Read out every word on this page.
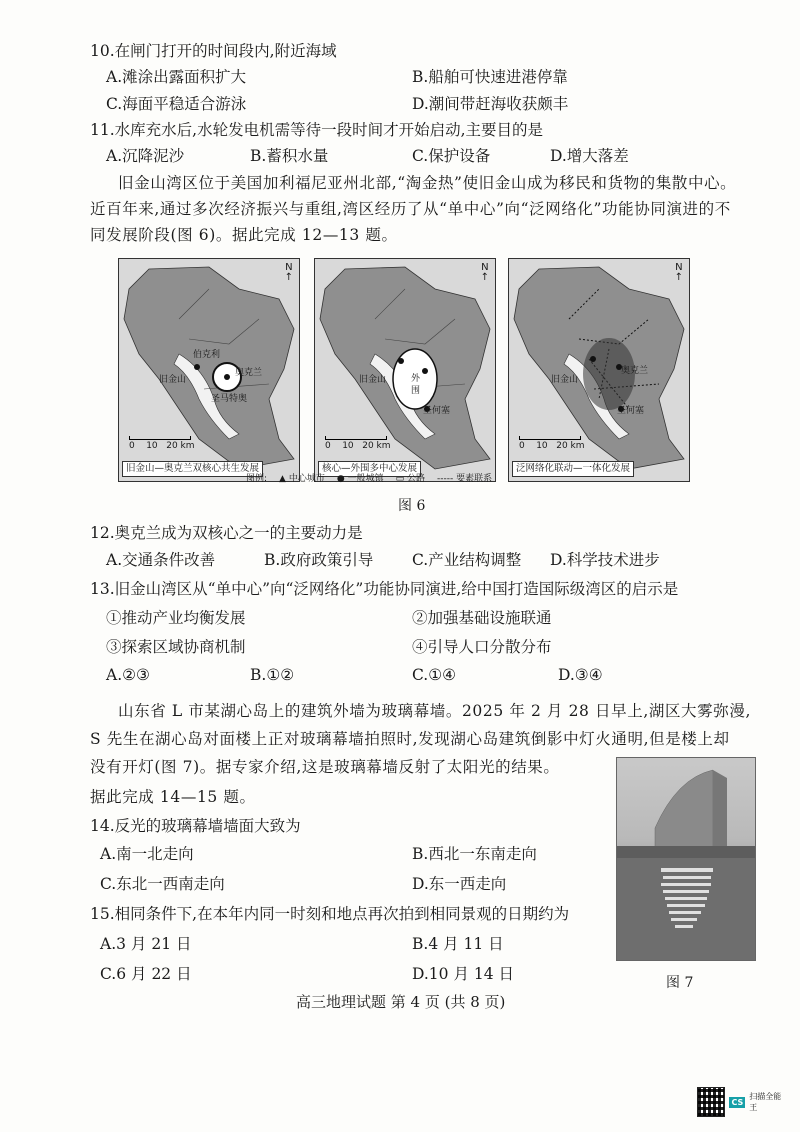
10.在闸门打开的时间段内,附近海域
A.滩涂出露面积扩大	B.船舶可快速进港停靠
C.海面平稳适合游泳	D.潮间带赶海收获颇丰
11.水库充水后,水轮发电机需等待一段时间才开始启动,主要目的是
A.沉降泥沙	B.蓄积水量	C.保护设备	D.增大落差
旧金山湾区位于美国加利福尼亚州北部,“淘金热”使旧金山成为移民和货物的集散中心。
近百年来,通过多次经济振兴与重组,湾区经历了从“单中心”向“泛网络化”功能协同演进的不
同发展阶段(图 6)。据此完成 12—13 题。
N
↑
伯克利
奥克兰
旧金山
圣马特奥
0 10 20 km
旧金山—奥克兰双核心共生发展
N
↑
旧金山	外
围
圣何塞
0 10 20 km
核心—外围多中心发展
N
↑
旧金山
奥克兰
圣何塞
0 10 20 km
泛网络化联动—一体化发展
图例: ▲ 中心城市 ● 一般城镇 ▭ 公路 ----- 要素联系
图 6
12.奥克兰成为双核心之一的主要动力是
A.交通条件改善	B.政府政策引导 C.产业结构调整 D.科学技术进步
13.旧金山湾区从“单中心”向“泛网络化”功能协同演进,给中国打造国际级湾区的启示是
①推动产业均衡发展	②加强基础设施联通
③探索区域协商机制	④引导人口分散分布
A.②③	B.①②	C.①④	D.③④
山东省 L 市某湖心岛上的建筑外墙为玻璃幕墙。2025 年 2 月 28 日早上,湖区大雾弥漫,
S 先生在湖心岛对面楼上正对玻璃幕墙拍照时,发现湖心岛建筑倒影中灯火通明,但是楼上却
没有开灯(图 7)。据专家介绍,这是玻璃幕墙反射了太阳光的结果。
据此完成 14—15 题。
图 7
14.反光的玻璃幕墙墙面大致为
A.南一北走向	B.西北一东南走向
C.东北一西南走向	D.东一西走向
15.相同条件下,在本年内同一时刻和地点再次拍到相同景观的日期约为
A.3 月 21 日	B.4 月 11 日
C.6 月 22 日	D.10 月 14 日
高三地理试题 第 4 页 (共 8 页)
CS
扫描全能王
